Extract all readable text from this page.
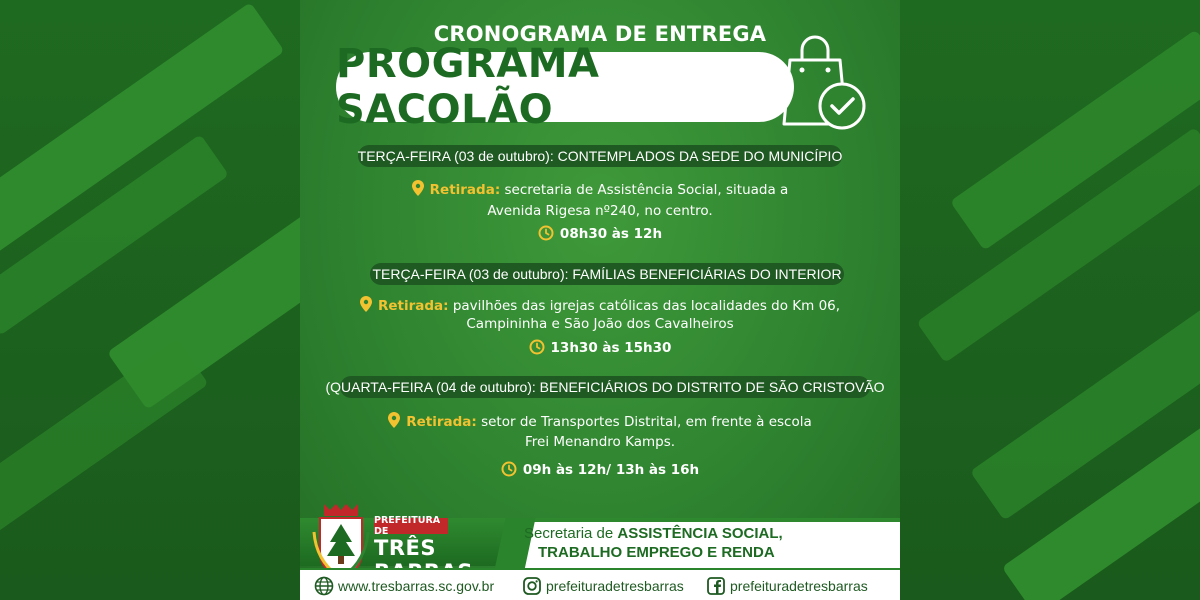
CRONOGRAMA DE ENTREGA
PROGRAMA SACOLÃO
TERÇA-FEIRA (03 de outubro): CONTEMPLADOS DA SEDE DO MUNICÍPIO
Retirada: secretaria de Assistência Social, situada a
Avenida Rigesa nº240, no centro.
08h30 às 12h
TERÇA-FEIRA (03 de outubro): FAMÍLIAS BENEFICIÁRIAS DO INTERIOR
Retirada: pavilhões das igrejas católicas das localidades do Km 06,
Campininha e São João dos Cavalheiros
13h30 às 15h30
(QUARTA-FEIRA (04 de outubro): BENEFICIÁRIOS DO DISTRITO DE SÃO CRISTOVÃO
Retirada: setor de Transportes Distrital, em frente à escola
Frei Menandro Kamps.
09h às 12h/ 13h às 16h
PREFEITURA DE
TRÊS
Secretaria de ASSISTÊNCIA SOCIAL,
TRABALHO EMPREGO E RENDA
www.tresbarras.sc.gov.br	prefeituradetresbarras	prefeituradetresbarras
